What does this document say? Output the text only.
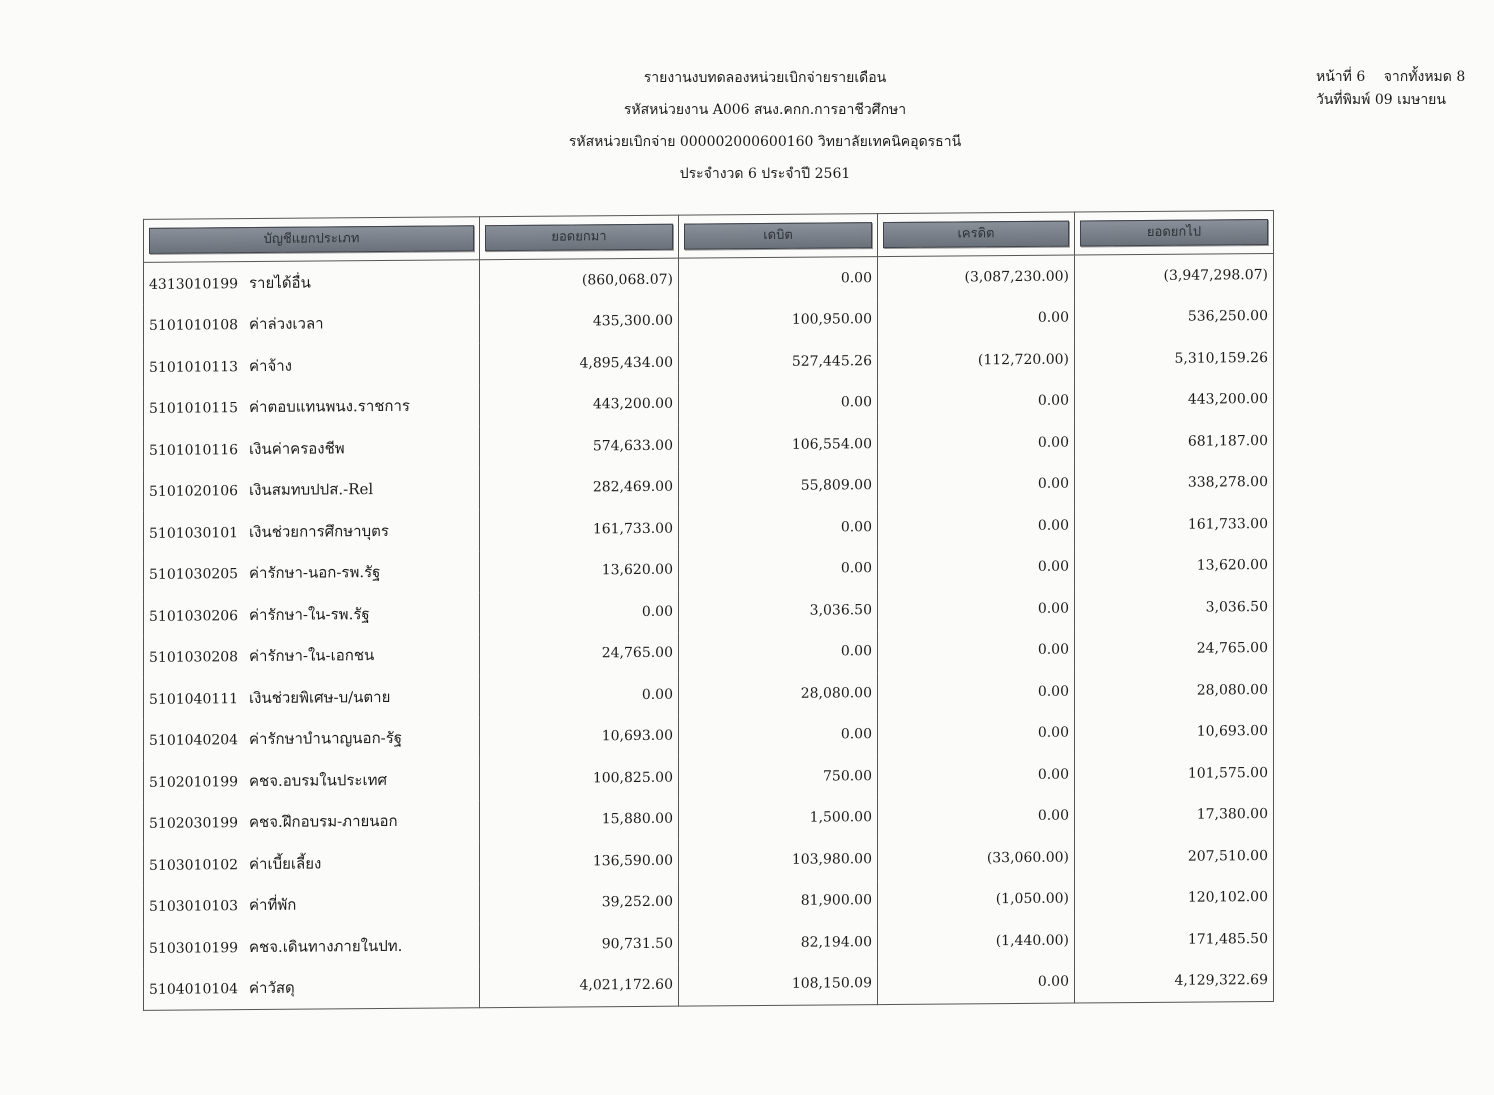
รายงานงบทดลองหน่วยเบิกจ่ายรายเดือน
รหัสหน่วยงาน A006 สนง.คกก.การอาชีวศึกษา
รหัสหน่วยเบิกจ่าย 000002000600160 วิทยาลัยเทคนิคอุดรธานี
ประจำงวด 6 ประจำปี 2561
หน้าที่ 6 จากทั้งหมด 8
วันที่พิมพ์ 09 เมษายน
บัญชีแยกประเภท	ยอดยกมา	เดบิต	เครดิต	ยอดยกไป

4313010199 รายได้อื่น	(860,068.07)	0.00	(3,087,230.00)	(3,947,298.07)
5101010108 ค่าล่วงเวลา	435,300.00	100,950.00	0.00	536,250.00
5101010113 ค่าจ้าง	4,895,434.00	527,445.26	(112,720.00)	5,310,159.26
5101010115 ค่าตอบแทนพนง.ราชการ	443,200.00	0.00	0.00	443,200.00
5101010116 เงินค่าครองชีพ	574,633.00	106,554.00	0.00	681,187.00
5101020106 เงินสมทบปปส.-Rel	282,469.00	55,809.00	0.00	338,278.00
5101030101 เงินช่วยการศึกษาบุตร	161,733.00	0.00	0.00	161,733.00
5101030205 ค่ารักษา-นอก-รพ.รัฐ	13,620.00	0.00	0.00	13,620.00
5101030206 ค่ารักษา-ใน-รพ.รัฐ	0.00	3,036.50	0.00	3,036.50
5101030208 ค่ารักษา-ใน-เอกชน	24,765.00	0.00	0.00	24,765.00
5101040111 เงินช่วยพิเศษ-บ/นตาย	0.00	28,080.00	0.00	28,080.00
5101040204 ค่ารักษาบำนาญนอก-รัฐ	10,693.00	0.00	0.00	10,693.00
5102010199 คชจ.อบรมในประเทศ	100,825.00	750.00	0.00	101,575.00
5102030199 คชจ.ฝึกอบรม-ภายนอก	15,880.00	1,500.00	0.00	17,380.00
5103010102 ค่าเบี้ยเลี้ยง	136,590.00	103,980.00	(33,060.00)	207,510.00
5103010103 ค่าที่พัก	39,252.00	81,900.00	(1,050.00)	120,102.00
5103010199 คชจ.เดินทางภายในปท.	90,731.50	82,194.00	(1,440.00)	171,485.50
5104010104 ค่าวัสดุ	4,021,172.60	108,150.09	0.00	4,129,322.69
